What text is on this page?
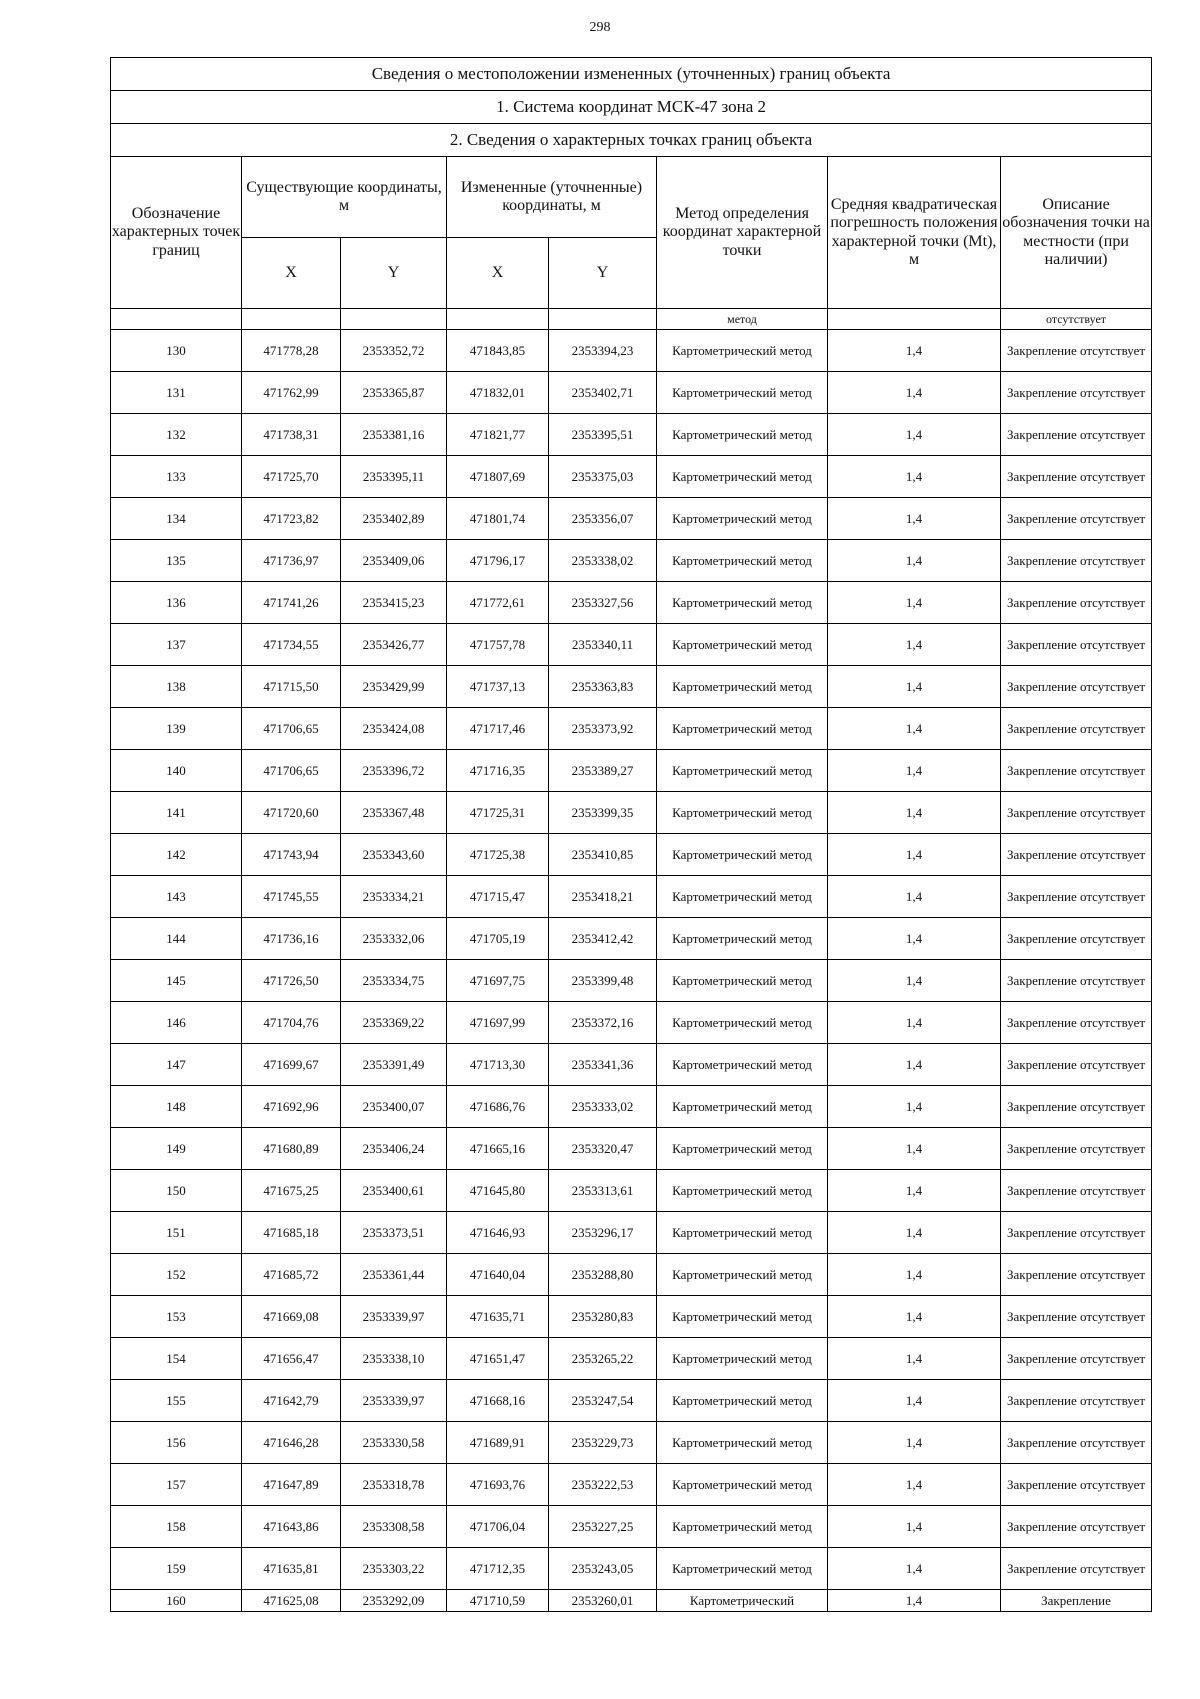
298
Сведения о местоположении измененных (уточненных) границ объекта							
1. Система координат МСК-47 зона 2							
2. Сведения о характерных точках границ объекта							
Обозначение характерных точек границ	Существующие координаты, м		Измененные (уточненные) координаты, м		Метод определения координат характерной точки	Средняя квадратическая погрешность положения характерной точки (Mt), м	Описание обозначения точки на местности (при наличии)
	X	Y	X	Y			
					метод		отсутствует
130	471778,28	2353352,72	471843,85	2353394,23	Картометрический метод	1,4	Закрепление отсутствует
131	471762,99	2353365,87	471832,01	2353402,71	Картометрический метод	1,4	Закрепление отсутствует
132	471738,31	2353381,16	471821,77	2353395,51	Картометрический метод	1,4	Закрепление отсутствует
133	471725,70	2353395,11	471807,69	2353375,03	Картометрический метод	1,4	Закрепление отсутствует
134	471723,82	2353402,89	471801,74	2353356,07	Картометрический метод	1,4	Закрепление отсутствует
135	471736,97	2353409,06	471796,17	2353338,02	Картометрический метод	1,4	Закрепление отсутствует
136	471741,26	2353415,23	471772,61	2353327,56	Картометрический метод	1,4	Закрепление отсутствует
137	471734,55	2353426,77	471757,78	2353340,11	Картометрический метод	1,4	Закрепление отсутствует
138	471715,50	2353429,99	471737,13	2353363,83	Картометрический метод	1,4	Закрепление отсутствует
139	471706,65	2353424,08	471717,46	2353373,92	Картометрический метод	1,4	Закрепление отсутствует
140	471706,65	2353396,72	471716,35	2353389,27	Картометрический метод	1,4	Закрепление отсутствует
141	471720,60	2353367,48	471725,31	2353399,35	Картометрический метод	1,4	Закрепление отсутствует
142	471743,94	2353343,60	471725,38	2353410,85	Картометрический метод	1,4	Закрепление отсутствует
143	471745,55	2353334,21	471715,47	2353418,21	Картометрический метод	1,4	Закрепление отсутствует
144	471736,16	2353332,06	471705,19	2353412,42	Картометрический метод	1,4	Закрепление отсутствует
145	471726,50	2353334,75	471697,75	2353399,48	Картометрический метод	1,4	Закрепление отсутствует
146	471704,76	2353369,22	471697,99	2353372,16	Картометрический метод	1,4	Закрепление отсутствует
147	471699,67	2353391,49	471713,30	2353341,36	Картометрический метод	1,4	Закрепление отсутствует
148	471692,96	2353400,07	471686,76	2353333,02	Картометрический метод	1,4	Закрепление отсутствует
149	471680,89	2353406,24	471665,16	2353320,47	Картометрический метод	1,4	Закрепление отсутствует
150	471675,25	2353400,61	471645,80	2353313,61	Картометрический метод	1,4	Закрепление отсутствует
151	471685,18	2353373,51	471646,93	2353296,17	Картометрический метод	1,4	Закрепление отсутствует
152	471685,72	2353361,44	471640,04	2353288,80	Картометрический метод	1,4	Закрепление отсутствует
153	471669,08	2353339,97	471635,71	2353280,83	Картометрический метод	1,4	Закрепление отсутствует
154	471656,47	2353338,10	471651,47	2353265,22	Картометрический метод	1,4	Закрепление отсутствует
155	471642,79	2353339,97	471668,16	2353247,54	Картометрический метод	1,4	Закрепление отсутствует
156	471646,28	2353330,58	471689,91	2353229,73	Картометрический метод	1,4	Закрепление отсутствует
157	471647,89	2353318,78	471693,76	2353222,53	Картометрический метод	1,4	Закрепление отсутствует
158	471643,86	2353308,58	471706,04	2353227,25	Картометрический метод	1,4	Закрепление отсутствует
159	471635,81	2353303,22	471712,35	2353243,05	Картометрический метод	1,4	Закрепление отсутствует
160	471625,08	2353292,09	471710,59	2353260,01	Картометрический	1,4	Закрепление
